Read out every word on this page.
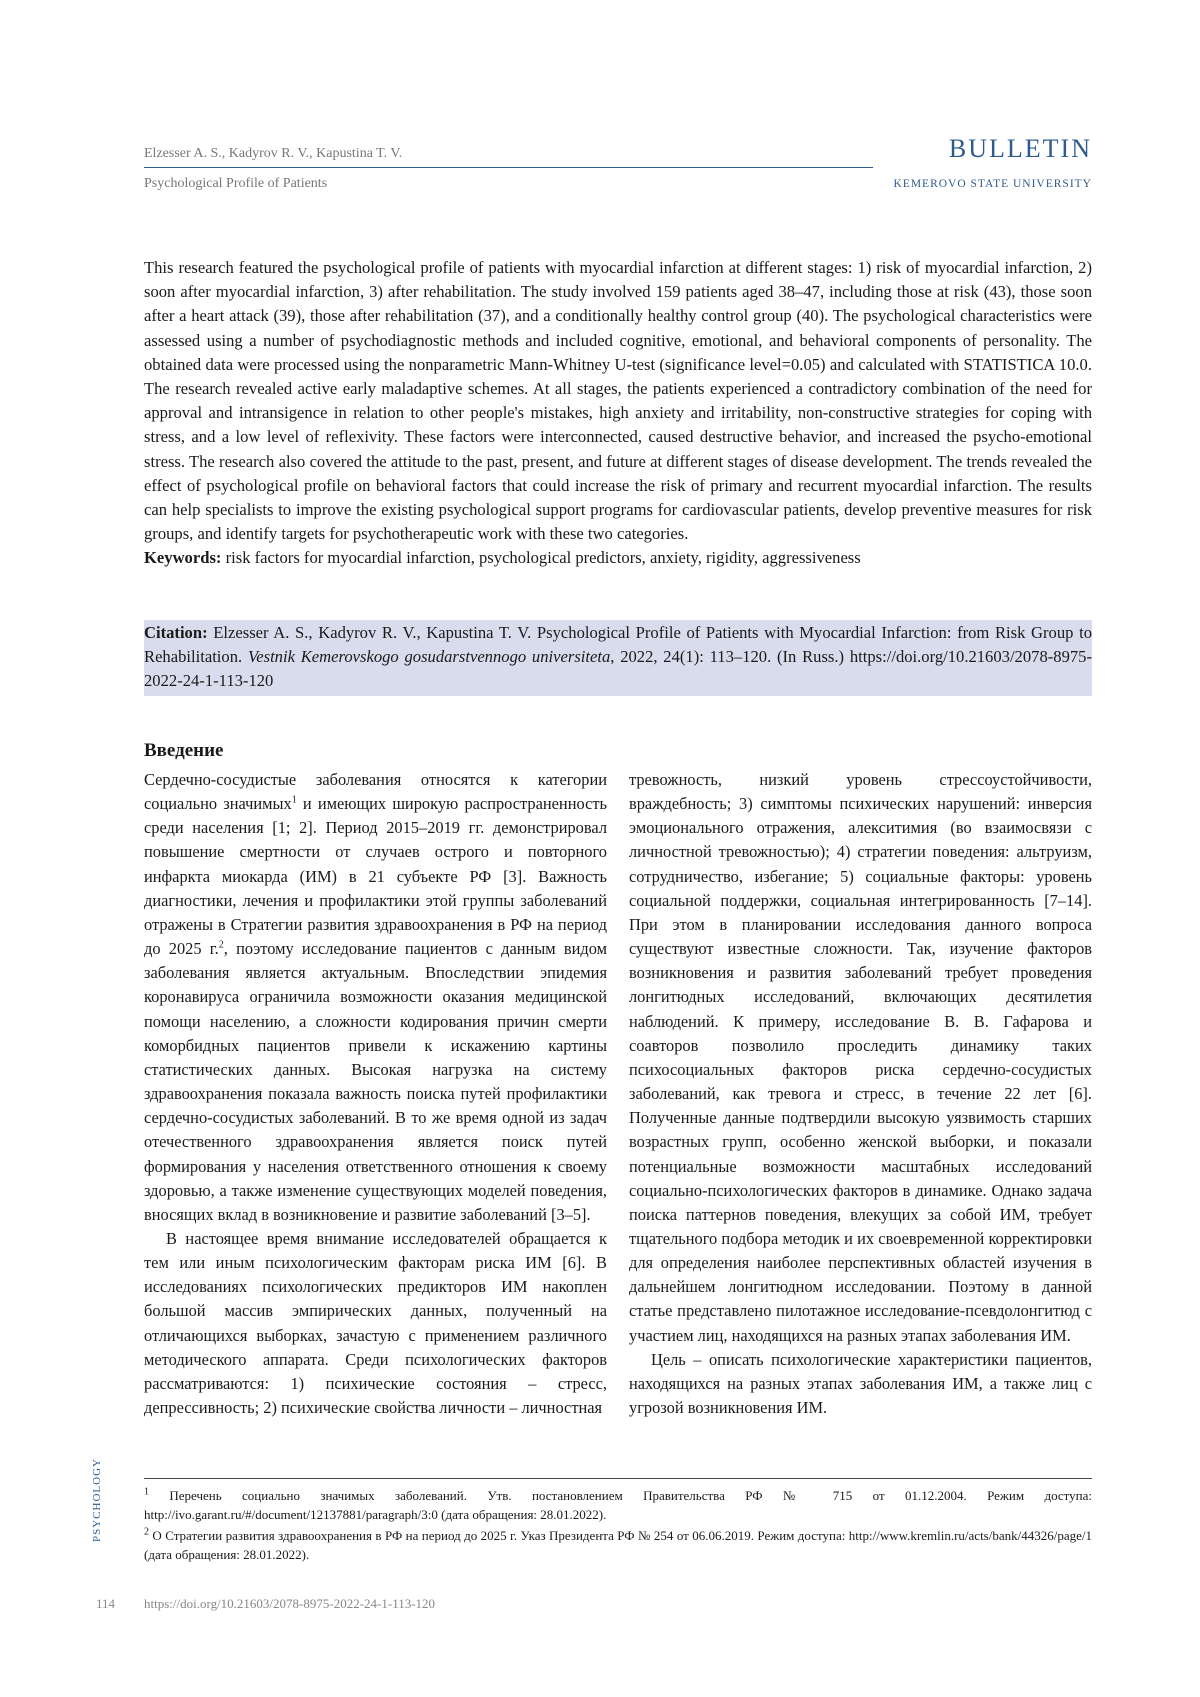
Elzesser A. S., Kadyrov R. V., Kapustina T. V.
Psychological Profile of Patients
BULLETIN
KEMEROVO STATE UNIVERSITY
This research featured the psychological profile of patients with myocardial infarction at different stages: 1) risk of myocardial infarction, 2) soon after myocardial infarction, 3) after rehabilitation. The study involved 159 patients aged 38–47, including those at risk (43), those soon after a heart attack (39), those after rehabilitation (37), and a conditionally healthy control group (40). The psychological characteristics were assessed using a number of psychodiagnostic methods and included cognitive, emotional, and behavioral components of personality. The obtained data were processed using the nonparametric Mann-Whitney U-test (significance level=0.05) and calculated with STATISTICA 10.0. The research revealed active early maladaptive schemes. At all stages, the patients experienced a contradictory combination of the need for approval and intransigence in relation to other people's mistakes, high anxiety and irritability, non-constructive strategies for coping with stress, and a low level of reflexivity. These factors were interconnected, caused destructive behavior, and increased the psycho-emotional stress. The research also covered the attitude to the past, present, and future at different stages of disease development. The trends revealed the effect of psychological profile on behavioral factors that could increase the risk of primary and recurrent myocardial infarction. The results can help specialists to improve the existing psychological support programs for cardiovascular patients, develop preventive measures for risk groups, and identify targets for psychotherapeutic work with these two categories.
Keywords: risk factors for myocardial infarction, psychological predictors, anxiety, rigidity, aggressiveness
Citation: Elzesser A. S., Kadyrov R. V., Kapustina T. V. Psychological Profile of Patients with Myocardial Infarction: from Risk Group to Rehabilitation. Vestnik Kemerovskogo gosudarstvennogo universiteta, 2022, 24(1): 113–120. (In Russ.) https://doi.org/10.21603/2078-8975-2022-24-1-113-120
Введение

Сердечно-сосудистые заболевания относятся к категории социально значимых$^1$ и имеющих широкую распространенность среди населения [1; 2]. Период 2015–2019 гг. демонстрировал повышение смертности от случаев острого и повторного инфаркта миокарда (ИМ) в 21 субъекте РФ [3]. Важность диагностики, лечения и профилактики этой группы заболеваний отражены в Стратегии развития здравоохранения в РФ на период до 2025 г.$^2$, поэтому исследование пациентов с данным видом заболевания является актуальным. Впоследствии эпидемия коронавируса ограничила возможности оказания медицинской помощи населению, а сложности кодирования причин смерти коморбидных пациентов привели к искажению картины статистических данных. Высокая нагрузка на систему здравоохранения показала важность поиска путей профилактики сердечно-сосудистых заболеваний. В то же время одной из задач отечественного здравоохранения является поиск путей формирования у населения ответственного отношения к своему здоровью, а также изменение существующих моделей поведения, вносящих вклад в возникновение и развитие заболеваний [3–5].

В настоящее время внимание исследователей обращается к тем или иным психологическим факторам риска ИМ [6]. В исследованиях психологических предикторов ИМ накоплен большой массив эмпирических данных, полученный на отличающихся выборках, зачастую с применением различного методического аппарата. Среди психологических факторов рассматриваются: 1) психические состояния – стресс, депрессивность; 2) психические свойства личности – личностная

тревожность, низкий уровень стрессоустойчивости, враждебность; 3) симптомы психических нарушений: инверсия эмоционального отражения, алекситимия (во взаимосвязи с личностной тревожностью); 4) стратегии поведения: альтруизм, сотрудничество, избегание; 5) социальные факторы: уровень социальной поддержки, социальная интегрированность [7–14]. При этом в планировании исследования данного вопроса существуют известные сложности. Так, изучение факторов возникновения и развития заболеваний требует проведения лонгитюдных исследований, включающих десятилетия наблюдений. К примеру, исследование В. В. Гафарова и соавторов позволило проследить динамику таких психосоциальных факторов риска сердечно-сосудистых заболеваний, как тревога и стресс, в течение 22 лет [6]. Полученные данные подтвердили высокую уязвимость старших возрастных групп, особенно женской выборки, и показали потенциальные возможности масштабных исследований социально-психологических факторов в динамике. Однако задача поиска паттернов поведения, влекущих за собой ИМ, требует тщательного подбора методик и их своевременной корректировки для определения наиболее перспективных областей изучения в дальнейшем лонгитюдном исследовании. Поэтому в данной статье представлено пилотажное исследование-псевдолонгитюд с участием лиц, находящихся на разных этапах заболевания ИМ.

Цель – описать психологические характеристики пациентов, находящихся на разных этапах заболевания ИМ, а также лиц с угрозой возникновения ИМ.

$^1$ Перечень социально значимых заболеваний. Утв. постановлением Правительства РФ № 715 от 01.12.2004. Режим доступа: http://ivo.garant.ru/#/document/12137881/paragraph/3:0 (дата обращения: 28.01.2022).

$^2$ О Стратегии развития здравоохранения в РФ на период до 2025 г. Указ Президента РФ № 254 от 06.06.2019. Режим доступа: http://www.kremlin.ru/acts/bank/44326/page/1 (дата обращения: 28.01.2022).

PSYCHOLOGY
114 https://doi.org/10.21603/2078-8975-2022-24-1-113-120
